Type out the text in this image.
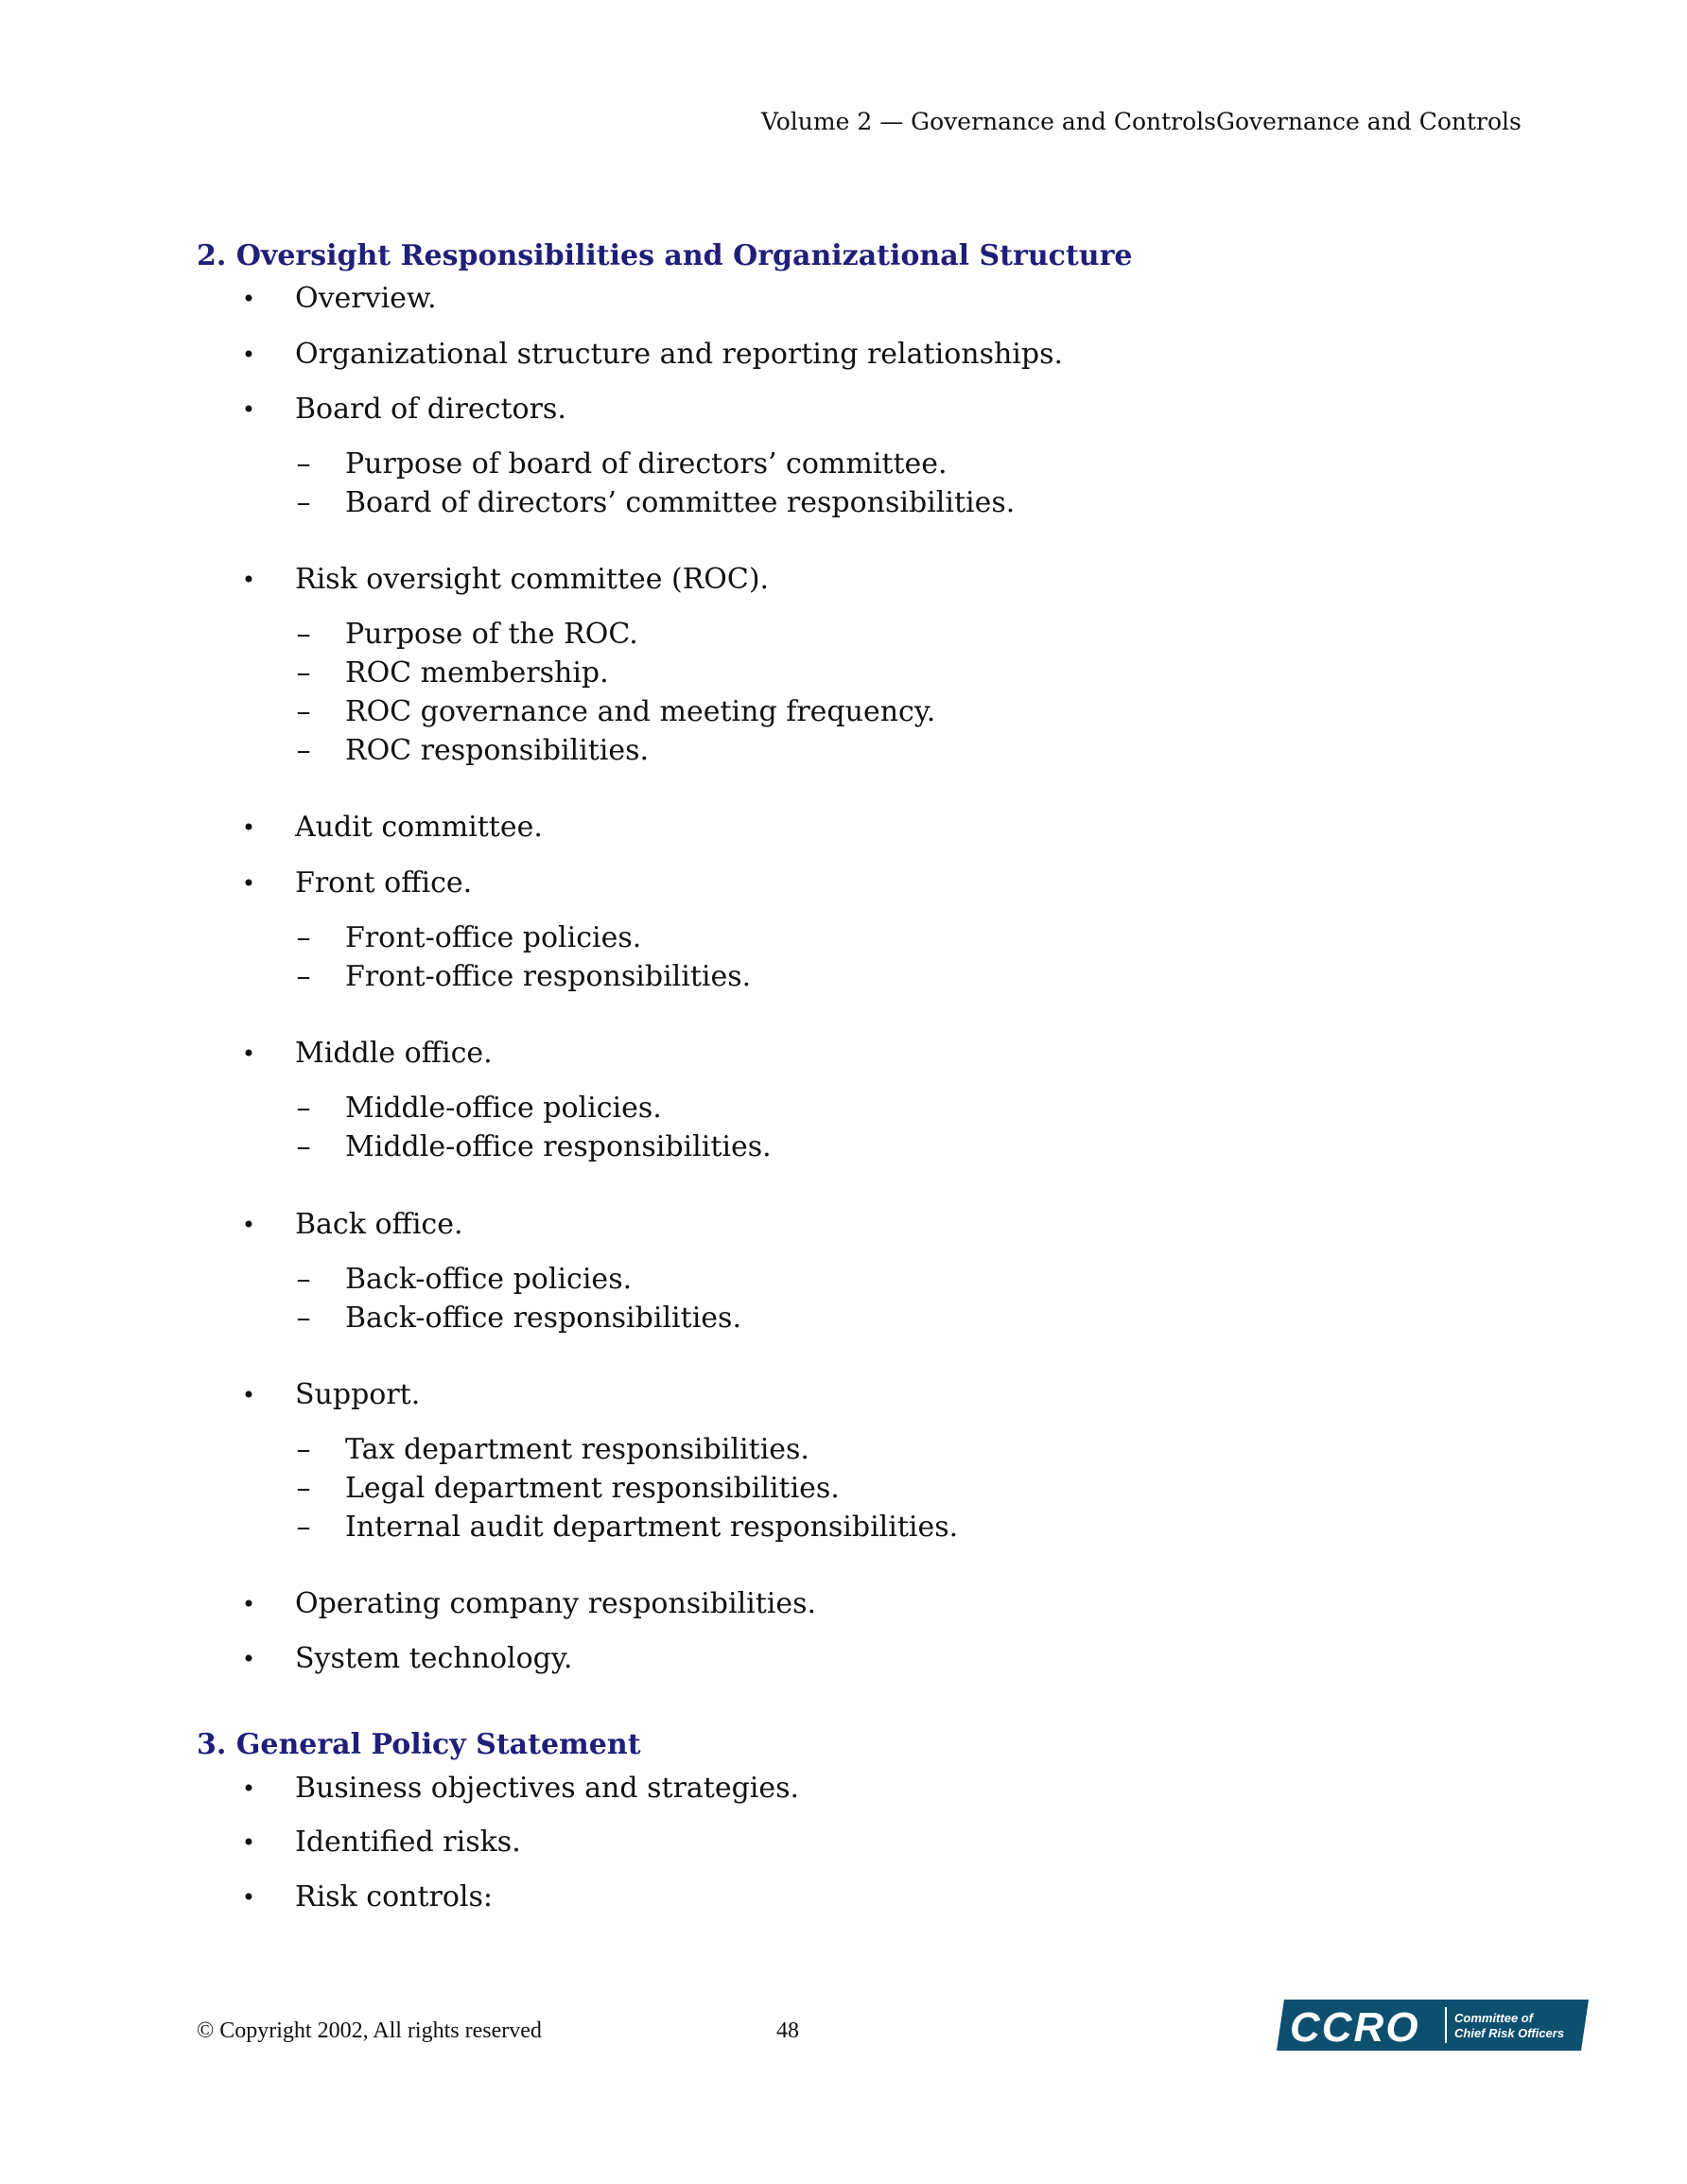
Volume 2 — Governance and ControlsGovernance and Controls
2. Oversight Responsibilities and Organizational Structure
• Overview.
• Organizational structure and reporting relationships.
• Board of directors.
– Purpose of board of directors’ committee.
– Board of directors’ committee responsibilities.
• Risk oversight committee (ROC).
– Purpose of the ROC.
– ROC membership.
– ROC governance and meeting frequency.
– ROC responsibilities.
• Audit committee.
• Front office.
– Front-office policies.
– Front-office responsibilities.
• Middle office.
– Middle-office policies.
– Middle-office responsibilities.
• Back office.
– Back-office policies.
– Back-office responsibilities.
• Support.
– Tax department responsibilities.
– Legal department responsibilities.
– Internal audit department responsibilities.
• Operating company responsibilities.
• System technology.
3. General Policy Statement
• Business objectives and strategies.
• Identified risks.
• Risk controls:
© Copyright 2002, All rights reserved	48	CCRO	Committee of
Chief Risk Officers
